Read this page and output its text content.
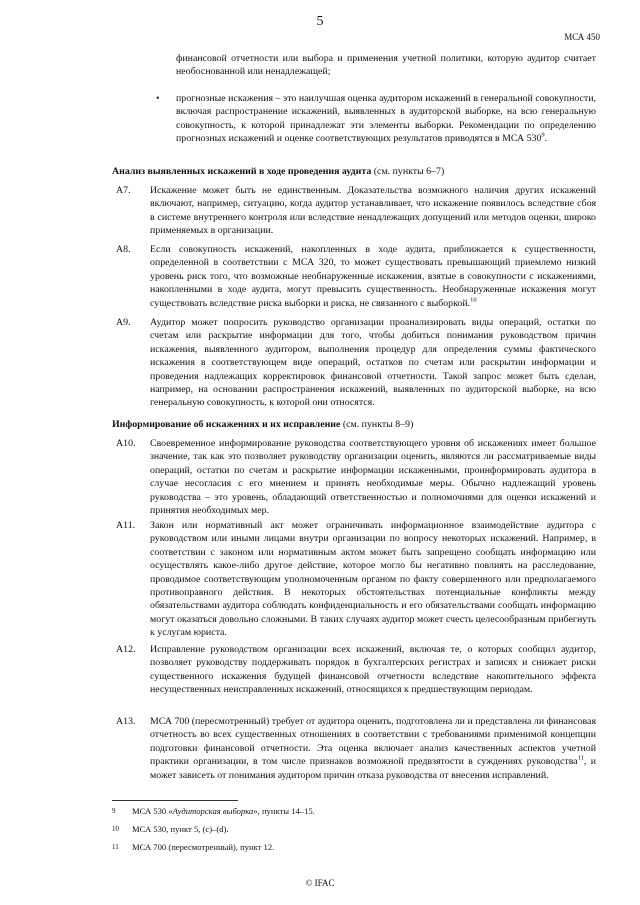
5
МСА 450
финансовой отчетности или выбора и применения учетной политики, которую аудитор считает необоснованной или ненадлежащей;
• прогнозные искажения – это наилучшая оценка аудитором искажений в генеральной совокупности, включая распространение искажений, выявленных в аудиторской выборке, на всю генеральную совокупность, к которой принадлежат эти элементы выборки. Рекомендации по определению прогнозных искажений и оценке соответствующих результатов приводятся в МСА $530^9$.
Анализ выявленных искажений в ходе проведения аудита (см. пункты 6–7)
A7.	Искажение может быть не единственным. Доказательства возможного наличия других искажений включают, например, ситуацию, когда аудитор устанавливает, что искажение появилось вследствие сбоя в системе внутреннего контроля или вследствие ненадлежащих допущений или методов оценки, широко применяемых в организации.
A8.	Если совокупность искажений, накопленных в ходе аудита, приближается к существенности, определенной в соответствии с МСА 320, то может существовать превышающий приемлемо низкий уровень риск того, что возможные необнаруженные искажения, взятые в совокупности с искажениями, накопленными в ходе аудита, могут превысить существенность. Необнаруженные искажения могут существовать вследствие риска выборки и риска, не связанного с выборкой.$^{10}$
A9.	Аудитор может попросить руководство организации проанализировать виды операций, остатки по счетам или раскрытие информации для того, чтобы добиться понимания руководством причин искажения, выявленного аудитором, выполнения процедур для определения суммы фактического искажения в соответствующем виде операций, остатков по счетам или раскрытии информации и проведения надлежащих корректировок финансовой отчетности. Такой запрос может быть сделан, например, на основании распространения искажений, выявленных по аудиторской выборке, на всю генеральную совокупность, к которой они относятся.
Информирование об искажениях и их исправление (см. пункты 8–9)
A10.	Своевременное информирование руководства соответствующего уровня об искажениях имеет большое значение, так как это позволяет руководству организации оценить, являются ли рассматриваемые виды операций, остатки по счетам и раскрытие информации искаженными, проинформировать аудитора в случае несогласия с его мнением и принять необходимые меры. Обычно надлежащий уровень руководства – это уровень, обладающий ответственностью и полномочиями для оценки искажений и принятия необходимых мер.
A11.	Закон или нормативный акт может ограничивать информационное взаимодействие аудитора с руководством или иными лицами внутри организации по вопросу некоторых искажений. Например, в соответствии с законом или нормативным актом может быть запрещено сообщать информацию или осуществлять какое-либо другое действие, которое могло бы негативно повлиять на расследование, проводимое соответствующим уполномоченным органом по факту совершенного или предполагаемого противоправного действия. В некоторых обстоятельствах потенциальные конфликты между обязательствами аудитора соблюдать конфиденциальность и его обязательствами сообщать информацию могут оказаться довольно сложными. В таких случаях аудитор может счесть целесообразным прибегнуть к услугам юриста.
A12.	Исправление руководством организации всех искажений, включая те, о которых сообщил аудитор, позволяет руководству поддерживать порядок в бухгалтерских регистрах и записях и снижает риски существенного искажения будущей финансовой отчетности вследствие накопительного эффекта несущественных неисправленных искажений, относящихся к предшествующим периодам.
A13.	МСА 700 (пересмотренный) требует от аудитора оценить, подготовлена ли и представлена ли финансовая отчетность во всех существенных отношениях в соответствии с требованиями применимой концепции подготовки финансовой отчетности. Эта оценка включает анализ качественных аспектов учетной практики организации, в том числе признаков возможной предвзятости в суждениях руководства$^{11}$, и может зависеть от понимания аудитором причин отказа руководства от внесения исправлений.
9 МСА 530 «Аудиторская выборка», пункты 14–15.
10 МСА 530, пункт 5, (c)–(d).
11 МСА 700 (пересмотренный), пункт 12.
© IFAC
